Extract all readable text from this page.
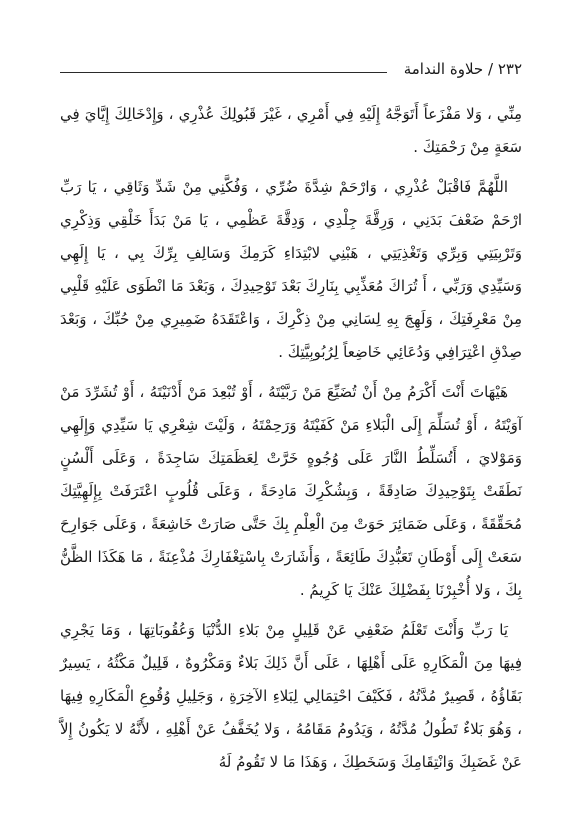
٢٣٢ / حلاوة الندامة

مِنِّي ، وَلا مَفْزَعاً أَتَوَجَّهُ إِلَيْهِ فِي أَمْرِي ، غَيْرَ قَبُولِكَ عُذْرِي ، وَإِدْخَالِكَ إِيَّايَ فِي سَعَةٍ مِنْ رَحْمَتِكَ .

اللَّهُمَّ فَاقْبَلْ عُذْرِي ، وَارْحَمْ شِدَّةَ ضُرِّي ، وَفُكَّنِي مِنْ شَدِّ وَثَاقِي ، يَا رَبِّ ارْحَمْ ضَعْفَ بَدَنِي ، وَرِقَّةَ جِلْدِي ، وَدِقَّةَ عَظْمِي ، يَا مَنْ بَدَأَ خَلْقِي وَذِكْرِي وَتَرْبِيَتِي وَبِرِّي وَتَغْذِيَتِي ، هَبْنِي لابْتِدَاءِ كَرَمِكَ وَسَالِفِ بِرِّكَ بِي ، يَا إِلَهِي وَسَيِّدِي وَرَبِّي ، أَ تُرَاكَ مُعَذِّبِي بِنَارِكَ بَعْدَ تَوْحِيدِكَ ، وَبَعْدَ مَا انْطَوَى عَلَيْهِ قَلْبِي مِنْ مَعْرِفَتِكَ ، وَلَهِجَ بِهِ لِسَانِي مِنْ ذِكْرِكَ ، وَاعْتَقَدَهُ ضَمِيرِي مِنْ حُبِّكَ ، وَبَعْدَ صِدْقِ اعْتِرَافِي وَدُعَائِي خَاضِعاً لِرُبُوبِيَّتِكَ .

هَيْهَاتَ أَنْتَ أَكْرَمُ مِنْ أَنْ تُضَيِّعَ مَنْ رَبَّيْتَهُ ، أَوْ تُبْعِدَ مَنْ أَدْنَيْتَهُ ، أَوْ تُشَرِّدَ مَنْ آوَيْتَهُ ، أَوْ تُسَلِّمَ إِلَى الْبَلاءِ مَنْ كَفَيْتَهُ وَرَحِمْتَهُ ، وَلَيْتَ شِعْرِي يَا سَيِّدِي وَإِلَهِي وَمَوْلايَ ، أَتُسَلِّطُ النَّارَ عَلَى وُجُوهٍ خَرَّتْ لِعَظَمَتِكَ سَاجِدَةً ، وَعَلَى أَلْسُنٍ نَطَقَتْ بِتَوْحِيدِكَ صَادِقَةً ، وَبِشُكْرِكَ مَادِحَةً ، وَعَلَى قُلُوبٍ اعْتَرَفَتْ بِإِلَهِيَّتِكَ مُحَقِّقَةً ، وَعَلَى ضَمَائِرَ حَوَتْ مِنَ الْعِلْمِ بِكَ حَتَّى صَارَتْ خَاشِعَةً ، وَعَلَى جَوَارِحَ سَعَتْ إِلَى أَوْطَانِ تَعَبُّدِكَ طَائِعَةً ، وَأَشَارَتْ بِاسْتِغْفَارِكَ مُذْعِنَةً ، مَا هَكَذَا الظَّنُّ بِكَ ، وَلا أُخْبِرْنَا بِفَضْلِكَ عَنْكَ يَا كَرِيمُ .

يَا رَبِّ وَأَنْتَ تَعْلَمُ ضَعْفِي عَنْ قَلِيلٍ مِنْ بَلاءِ الدُّنْيَا وَعُقُوبَاتِهَا ، وَمَا يَجْرِي فِيهَا مِنَ الْمَكَارِهِ عَلَى أَهْلِهَا ، عَلَى أَنَّ ذَلِكَ بَلاءٌ وَمَكْرُوهٌ ، قَلِيلٌ مَكْثُهُ ، يَسِيرٌ بَقَاؤُهُ ، قَصِيرٌ مُدَّتُهُ ، فَكَيْفَ احْتِمَالِي لِبَلاءِ الآخِرَةِ ، وَجَلِيلِ وُقُوعِ الْمَكَارِهِ فِيهَا ، وَهُوَ بَلاءٌ تَطُولُ مُدَّتُهُ ، وَيَدُومُ مَقَامُهُ ، وَلا يُخَفَّفُ عَنْ أَهْلِهِ ، لأَنَّهُ لا يَكُونُ إِلاَّ عَنْ غَضَبِكَ وَانْتِقَامِكَ وَسَخَطِكَ ، وَهَذَا مَا لا تَقُومُ لَهُ
